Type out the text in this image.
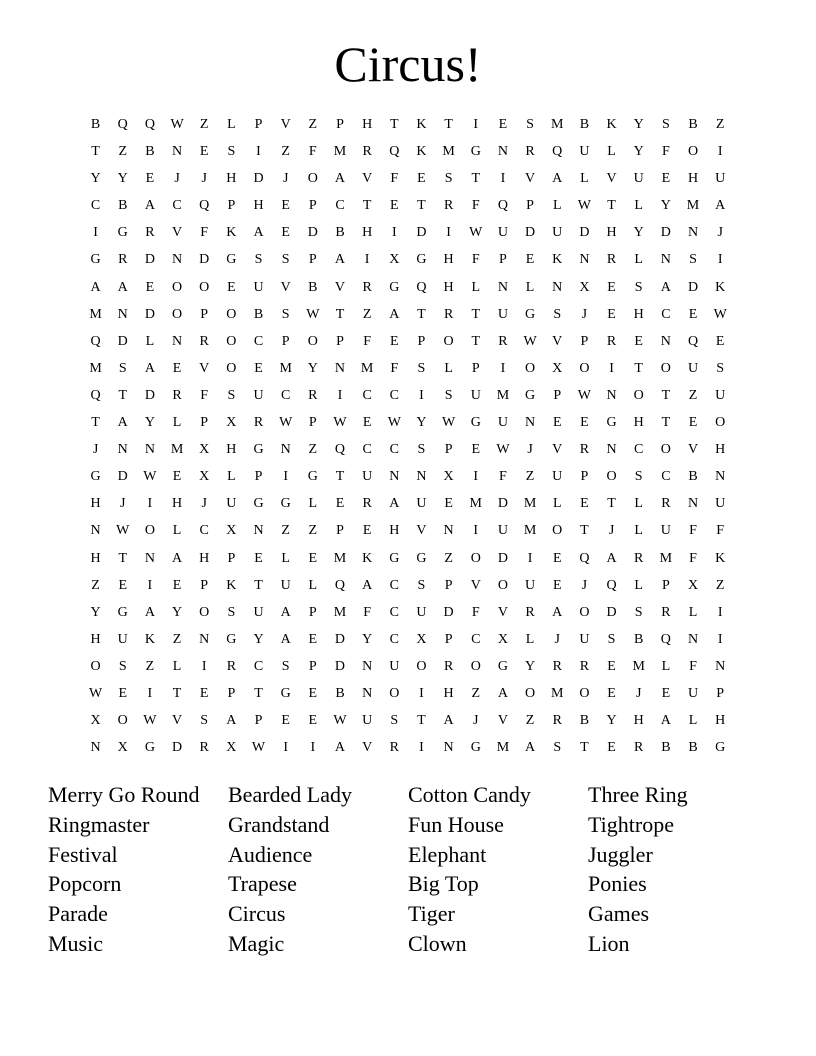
Circus!
B	Q	Q	W	Z	L	P	V	Z	P	H	T	K	T	I	E	S	M	B	K	Y	S	B	Z
T	Z	B	N	E	S	I	Z	F	M	R	Q	K	M	G	N	R	Q	U	L	Y	F	O	I
Y	Y	E	J	J	H	D	J	O	A	V	F	E	S	T	I	V	A	L	V	U	E	H	U
C	B	A	C	Q	P	H	E	P	C	T	E	T	R	F	Q	P	L	W	T	L	Y	M	A
I	G	R	V	F	K	A	E	D	B	H	I	D	I	W	U	D	U	D	H	Y	D	N	J
G	R	D	N	D	G	S	S	P	A	I	X	G	H	F	P	E	K	N	R	L	N	S	I
A	A	E	O	O	E	U	V	B	V	R	G	Q	H	L	N	L	N	X	E	S	A	D	K
M	N	D	O	P	O	B	S	W	T	Z	A	T	R	T	U	G	S	J	E	H	C	E	W
Q	D	L	N	R	O	C	P	O	P	F	E	P	O	T	R	W	V	P	R	E	N	Q	E
M	S	A	E	V	O	E	M	Y	N	M	F	S	L	P	I	O	X	O	I	T	O	U	S
Q	T	D	R	F	S	U	C	R	I	C	C	I	S	U	M	G	P	W	N	O	T	Z	U
T	A	Y	L	P	X	R	W	P	W	E	W	Y	W	G	U	N	E	E	G	H	T	E	O
J	N	N	M	X	H	G	N	Z	Q	C	C	S	P	E	W	J	V	R	N	C	O	V	H
G	D	W	E	X	L	P	I	G	T	U	N	N	X	I	F	Z	U	P	O	S	C	B	N
H	J	I	H	J	U	G	G	L	E	R	A	U	E	M	D	M	L	E	T	L	R	N	U
N	W	O	L	C	X	N	Z	Z	P	E	H	V	N	I	U	M	O	T	J	L	U	F	F
H	T	N	A	H	P	E	L	E	M	K	G	G	Z	O	D	I	E	Q	A	R	M	F	K
Z	E	I	E	P	K	T	U	L	Q	A	C	S	P	V	O	U	E	J	Q	L	P	X	Z
Y	G	A	Y	O	S	U	A	P	M	F	C	U	D	F	V	R	A	O	D	S	R	L	I
H	U	K	Z	N	G	Y	A	E	D	Y	C	X	P	C	X	L	J	U	S	B	Q	N	I
O	S	Z	L	I	R	C	S	P	D	N	U	O	R	O	G	Y	R	R	E	M	L	F	N
W	E	I	T	E	P	T	G	E	B	N	O	I	H	Z	A	O	M	O	E	J	E	U	P
X	O	W	V	S	A	P	E	E	W	U	S	T	A	J	V	Z	R	B	Y	H	A	L	H
N	X	G	D	R	X	W	I	I	A	V	R	I	N	G	M	A	S	T	E	R	B	B	G
Merry Go Round	Bearded Lady	Cotton Candy	Three Ring
Ringmaster	Grandstand	Fun House	Tightrope
Festival	Audience	Elephant	Juggler
Popcorn	Trapese	Big Top	Ponies
Parade	Circus	Tiger	Games
Music	Magic	Clown	Lion
